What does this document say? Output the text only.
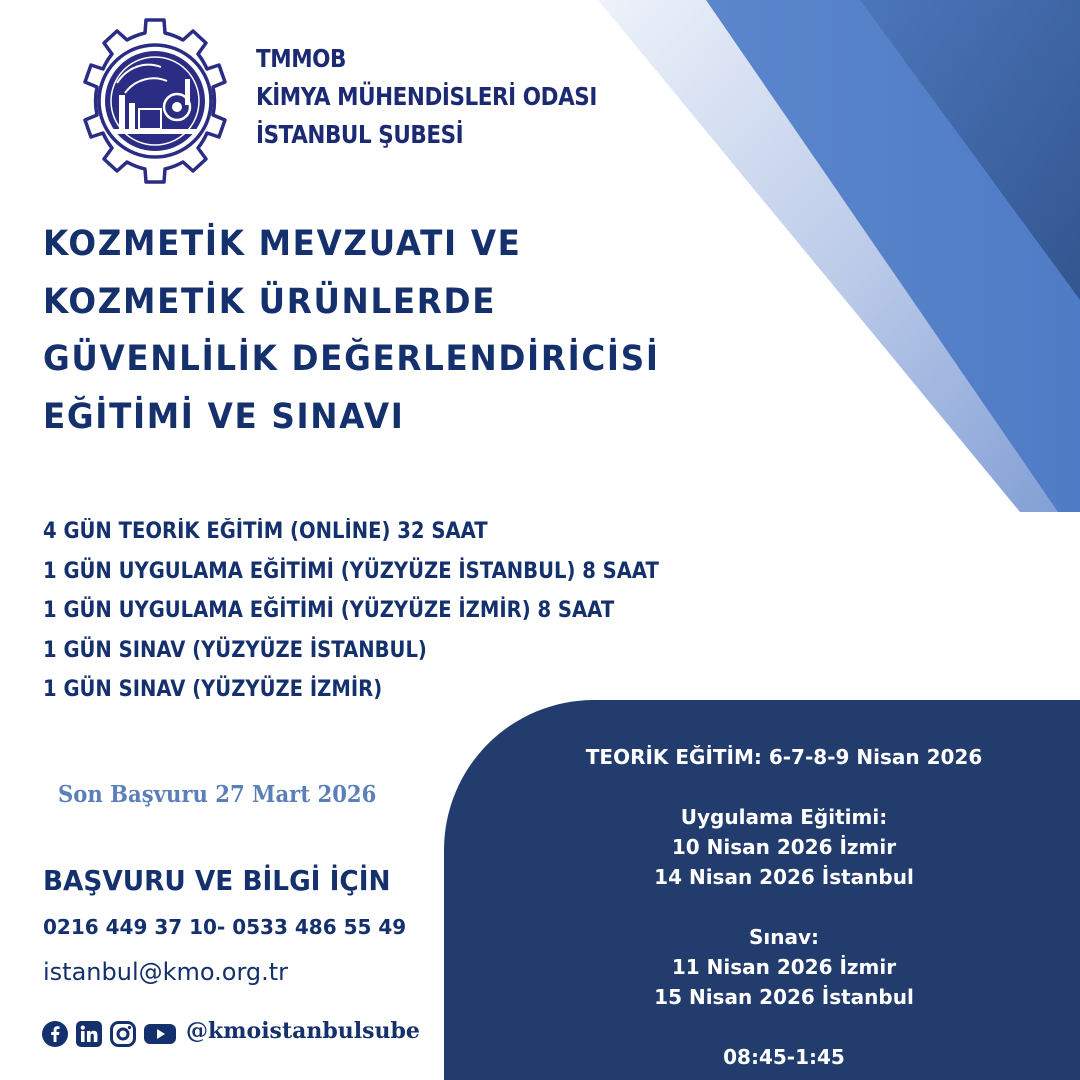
TMMOB
KİMYA MÜHENDİSLERİ ODASI
İSTANBUL ŞUBESİ
KOZMETİK MEVZUATI VE
KOZMETİK ÜRÜNLERDE
GÜVENLİLİK DEĞERLENDİRİCİSİ
EĞİTİMİ VE SINAVI
4 GÜN TEORİK EĞİTİM (ONLİNE) 32 SAAT
1 GÜN UYGULAMA EĞİTİMİ (YÜZYÜZE İSTANBUL) 8 SAAT
1 GÜN UYGULAMA EĞİTİMİ (YÜZYÜZE İZMİR) 8 SAAT
1 GÜN SINAV (YÜZYÜZE İSTANBUL)
1 GÜN SINAV (YÜZYÜZE İZMİR)
Son Başvuru 27 Mart 2026
BAŞVURU VE BİLGİ İÇİN
0216 449 37 10- 0533 486 55 49
istanbul@kmo.org.tr
@kmoistanbulsube
TEORİK EĞİTİM: 6-7-8-9 Nisan 2026
Uygulama Eğitimi:
10 Nisan 2026 İzmir
14 Nisan 2026 İstanbul
Sınav:
11 Nisan 2026 İzmir
15 Nisan 2026 İstanbul
08:45-1:45
